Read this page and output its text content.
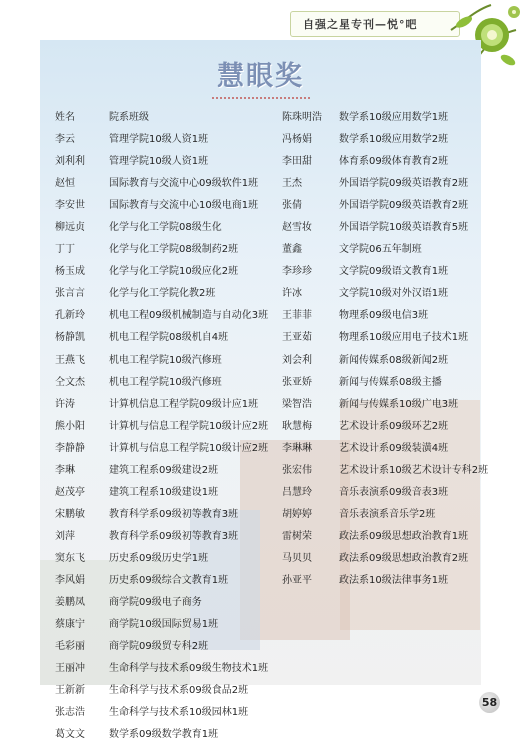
自强之星专刊—悦°吧
慧眼奖
姓名	院系班级
李云	管理学院10级人资1班
刘利利 管理学院10级人资1班
赵恒	国际教育与交流中心09级软件1班
李安世 国际教育与交流中心10级电商1班
柳远贞 化学与化工学院08级生化
丁丁	化学与化工学院08级制药2班
杨玉成 化学与化工学院10级应化2班
张言言 化学与化工学院化教2班
孔新玲 机电工程09级机械制造与自动化3班
杨静凯 机电工程学院08级机自4班
王燕飞 机电工程学院10级汽修班
仝文杰 机电工程学院10级汽修班
许涛	计算机信息工程学院09级计应1班
熊小阳 计算机与信息工程学院10级计应2班
李静静 计算机与信息工程学院10级计应2班
李琳	建筑工程系09级建设2班
赵茂亭 建筑工程系10级建设1班
宋鹏敏 教育科学系09级初等教育3班
刘萍	教育科学系09级初等教育3班
窦东飞 历史系09级历史学1班
李风娟 历史系09级综合文教育1班
姜鹏凤 商学院09级电子商务
蔡康宁 商学院10级国际贸易1班
毛彩丽 商学院09级贸专科2班
王丽冲 生命科学与技术系09级生物技术1班
王新新 生命科学与技术系09级食品2班
张志浩 生命科学与技术系10级园林1班
葛文文 数学系09级数学教育1班
陈珠明浩 数学系10级应用数学1班
冯杨娟	数学系10级应用数学2班
李田甜	体育系09级体育教育2班
王杰	外国语学院09级英语教育2班
张倩	外国语学院09级英语教育2班
赵雪妆	外国语学院10级英语教育5班
董鑫	文学院06五年制班
李珍珍	文学院09级语文教育1班
许冰	文学院10级对外汉语1班
王菲菲	物理系09级电信3班
王亚茹	物理系10级应用电子技术1班
刘会利	新闻传媒系08级新闻2班
张亚娇	新闻与传媒系08级主播
梁智浩	新闻与传媒系10级广电3班
耿慧梅	艺术设计系09级环艺2班
李琳琳	艺术设计系09级装潢4班
张宏伟	艺术设计系10级艺术设计专科2班
吕慧玲	音乐表演系09级音表3班
胡婷婷	音乐表演系音乐学2班
雷树荣	政法系09级思想政治教育1班
马贝贝	政法系09级思想政治教育2班
孙亚平	政法系10级法律事务1班
58
